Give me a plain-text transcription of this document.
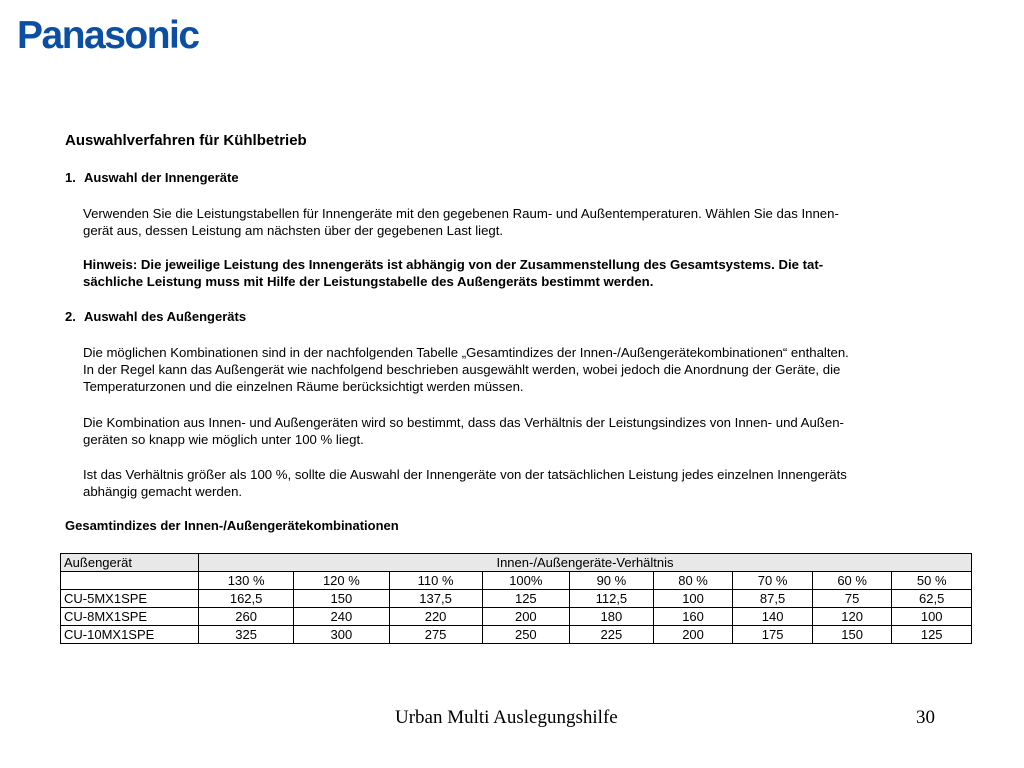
Panasonic
Auswahlverfahren für Kühlbetrieb
1. Auswahl der Innengeräte
Verwenden Sie die Leistungstabellen für Innengeräte mit den gegebenen Raum- und Außentemperaturen. Wählen Sie das Innen-
gerät aus, dessen Leistung am nächsten über der gegebenen Last liegt.
Hinweis: Die jeweilige Leistung des Innengeräts ist abhängig von der Zusammenstellung des Gesamtsystems. Die tat-
sächliche Leistung muss mit Hilfe der Leistungstabelle des Außengeräts bestimmt werden.
2. Auswahl des Außengeräts
Die möglichen Kombinationen sind in der nachfolgenden Tabelle „Gesamtindizes der Innen-/Außengerätekombinationen“ enthalten.
In der Regel kann das Außengerät wie nachfolgend beschrieben ausgewählt werden, wobei jedoch die Anordnung der Geräte, die
Temperaturzonen und die einzelnen Räume berücksichtigt werden müssen.
Die Kombination aus Innen- und Außengeräten wird so bestimmt, dass das Verhältnis der Leistungsindizes von Innen- und Außen-
geräten so knapp wie möglich unter 100 % liegt.
Ist das Verhältnis größer als 100 %, sollte die Auswahl der Innengeräte von der tatsächlichen Leistung jedes einzelnen Innengeräts
abhängig gemacht werden.
Gesamtindizes der Innen-/Außengerätekombinationen
Außengerät	Innen-/Außengeräte-Verhältnis								
	130 %	120 %	110 %	100%	90 %	80 %	70 %	60 %	50 %
CU-5MX1SPE	162,5	150	137,5	125	112,5	100	87,5	75	62,5
CU-8MX1SPE	260	240	220	200	180	160	140	120	100
CU-10MX1SPE	325	300	275	250	225	200	175	150	125
Urban Multi Auslegungshilfe	30
